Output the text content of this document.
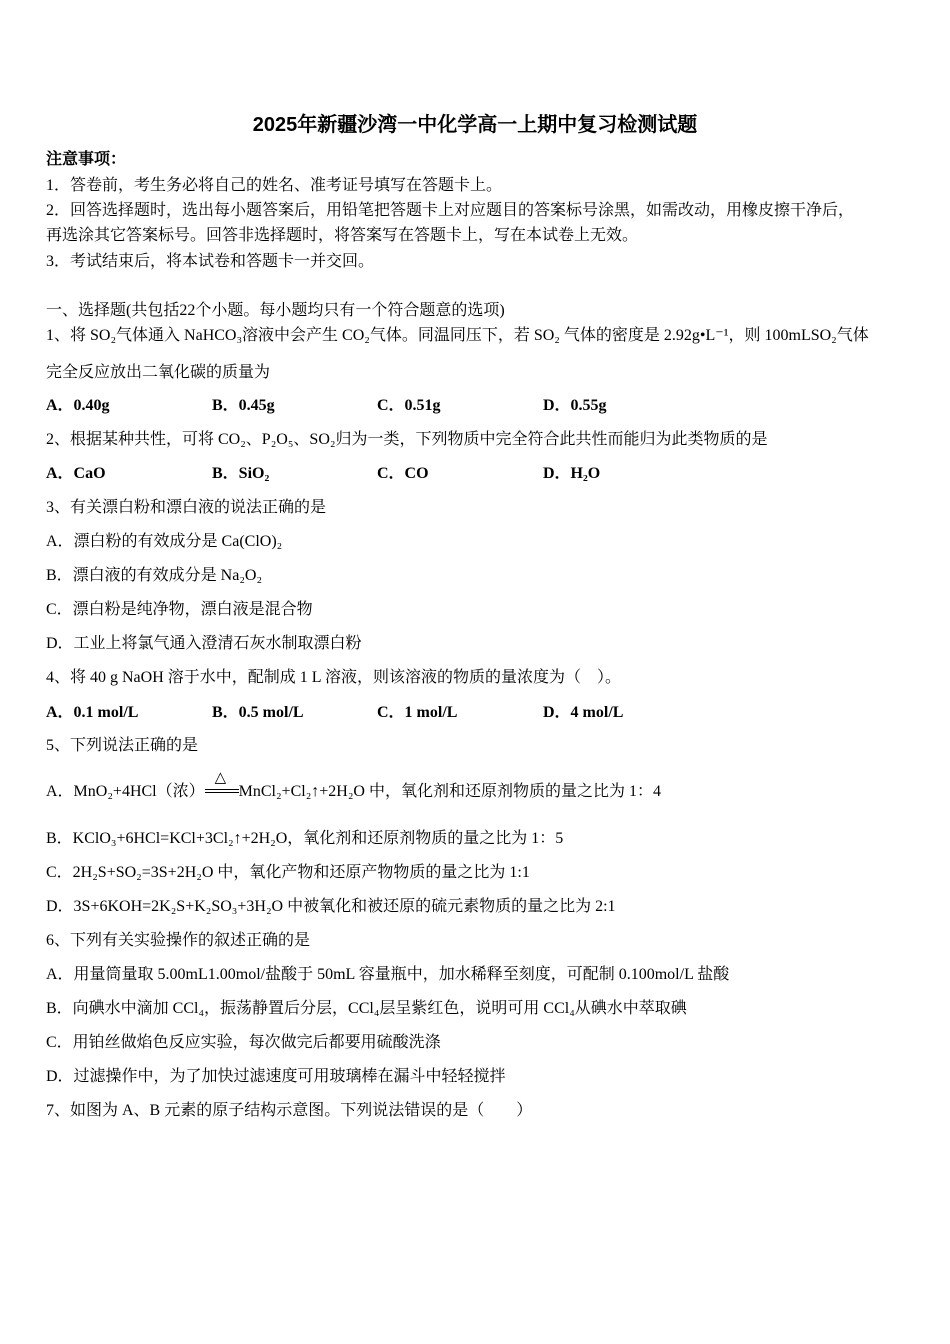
2025年新疆沙湾一中化学高一上期中复习检测试题
注意事项：
1．答卷前，考生务必将自己的姓名、准考证号填写在答题卡上。
2．回答选择题时，选出每小题答案后，用铅笔把答题卡上对应题目的答案标号涂黑，如需改动，用橡皮擦干净后，
再选涂其它答案标号。回答非选择题时，将答案写在答题卡上，写在本试卷上无效。
3．考试结束后，将本试卷和答题卡一并交回。
一、选择题(共包括22个小题。每小题均只有一个符合题意的选项)
1、将 SO₂气体通入 NaHCO₃溶液中会产生 CO₂气体。同温同压下，若 SO₂ 气体的密度是 2.92g•L⁻¹，则 100mLSO₂气体
完全反应放出二氧化碳的质量为
A．0.40g	B．0.45g	C．0.51g	D．0.55g
2、根据某种共性，可将 CO₂、P₂O₅、SO₂归为一类，下列物质中完全符合此共性而能归为此类物质的是
A．CaO	B．SiO₂	C．CO	D．H₂O
3、有关漂白粉和漂白液的说法正确的是
A．漂白粉的有效成分是 Ca(ClO)₂
B．漂白液的有效成分是 Na₂O₂
C．漂白粉是纯净物，漂白液是混合物
D．工业上将氯气通入澄清石灰水制取漂白粉
4、将 40 g NaOH 溶于水中，配制成 1 L 溶液，则该溶液的物质的量浓度为（　）。
A．0.1 mol/L	B．0.5 mol/L	C．1 mol/L	D．4 mol/L
5、下列说法正确的是
A．MnO₂+4HCl（浓）
△
MnCl₂+Cl₂↑+2H₂O 中，氧化剂和还原剂物质的量之比为 1：4
B．KClO₃+6HCl=KCl+3Cl₂↑+2H₂O，氧化剂和还原剂物质的量之比为 1：5
C．2H₂S+SO₂=3S+2H₂O 中，氧化产物和还原产物物质的量之比为 1:1
D．3S+6KOH=2K₂S+K₂SO₃+3H₂O 中被氧化和被还原的硫元素物质的量之比为 2:1
6、下列有关实验操作的叙述正确的是
A．用量筒量取 5.00mL1.00mol/盐酸于 50mL 容量瓶中，加水稀释至刻度，可配制 0.100mol/L 盐酸
B．向碘水中滴加 CCl₄，振荡静置后分层，CCl₄层呈紫红色，说明可用 CCl₄从碘水中萃取碘
C．用铂丝做焰色反应实验，每次做完后都要用硫酸洗涤
D．过滤操作中，为了加快过滤速度可用玻璃棒在漏斗中轻轻搅拌
7、如图为 A、B 元素的原子结构示意图。下列说法错误的是（　　）
